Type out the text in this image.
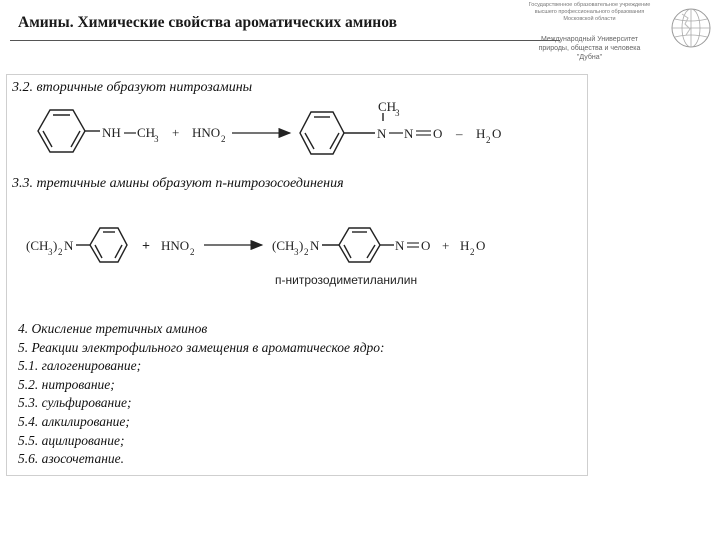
Амины. Химические свойства ароматических аминов
Государственное образовательное учреждение
высшего профессионального образования
Московской области
Международный Университет
природы, общества и человека
"Дубна"
3.2. вторичные образуют нитрозамины
3.3. третичные амины образуют п-нитрозосоединения
NH CH
3 + HNO 2
CH
3
N N O – H 2 O
(CH 3 ) 2 N	+ HNO 2	(CH 3 ) 2 N	N O + H 2 O
п-нитрозодиметиланилин
4. Окисление третичных аминов
5. Реакции электрофильного замещения в ароматическое ядро:
5.1. галогенирование;
5.2. нитрование;
5.3. сульфирование;
5.4. алкилирование;
5.5. ацилирование;
5.6. азосочетание.
